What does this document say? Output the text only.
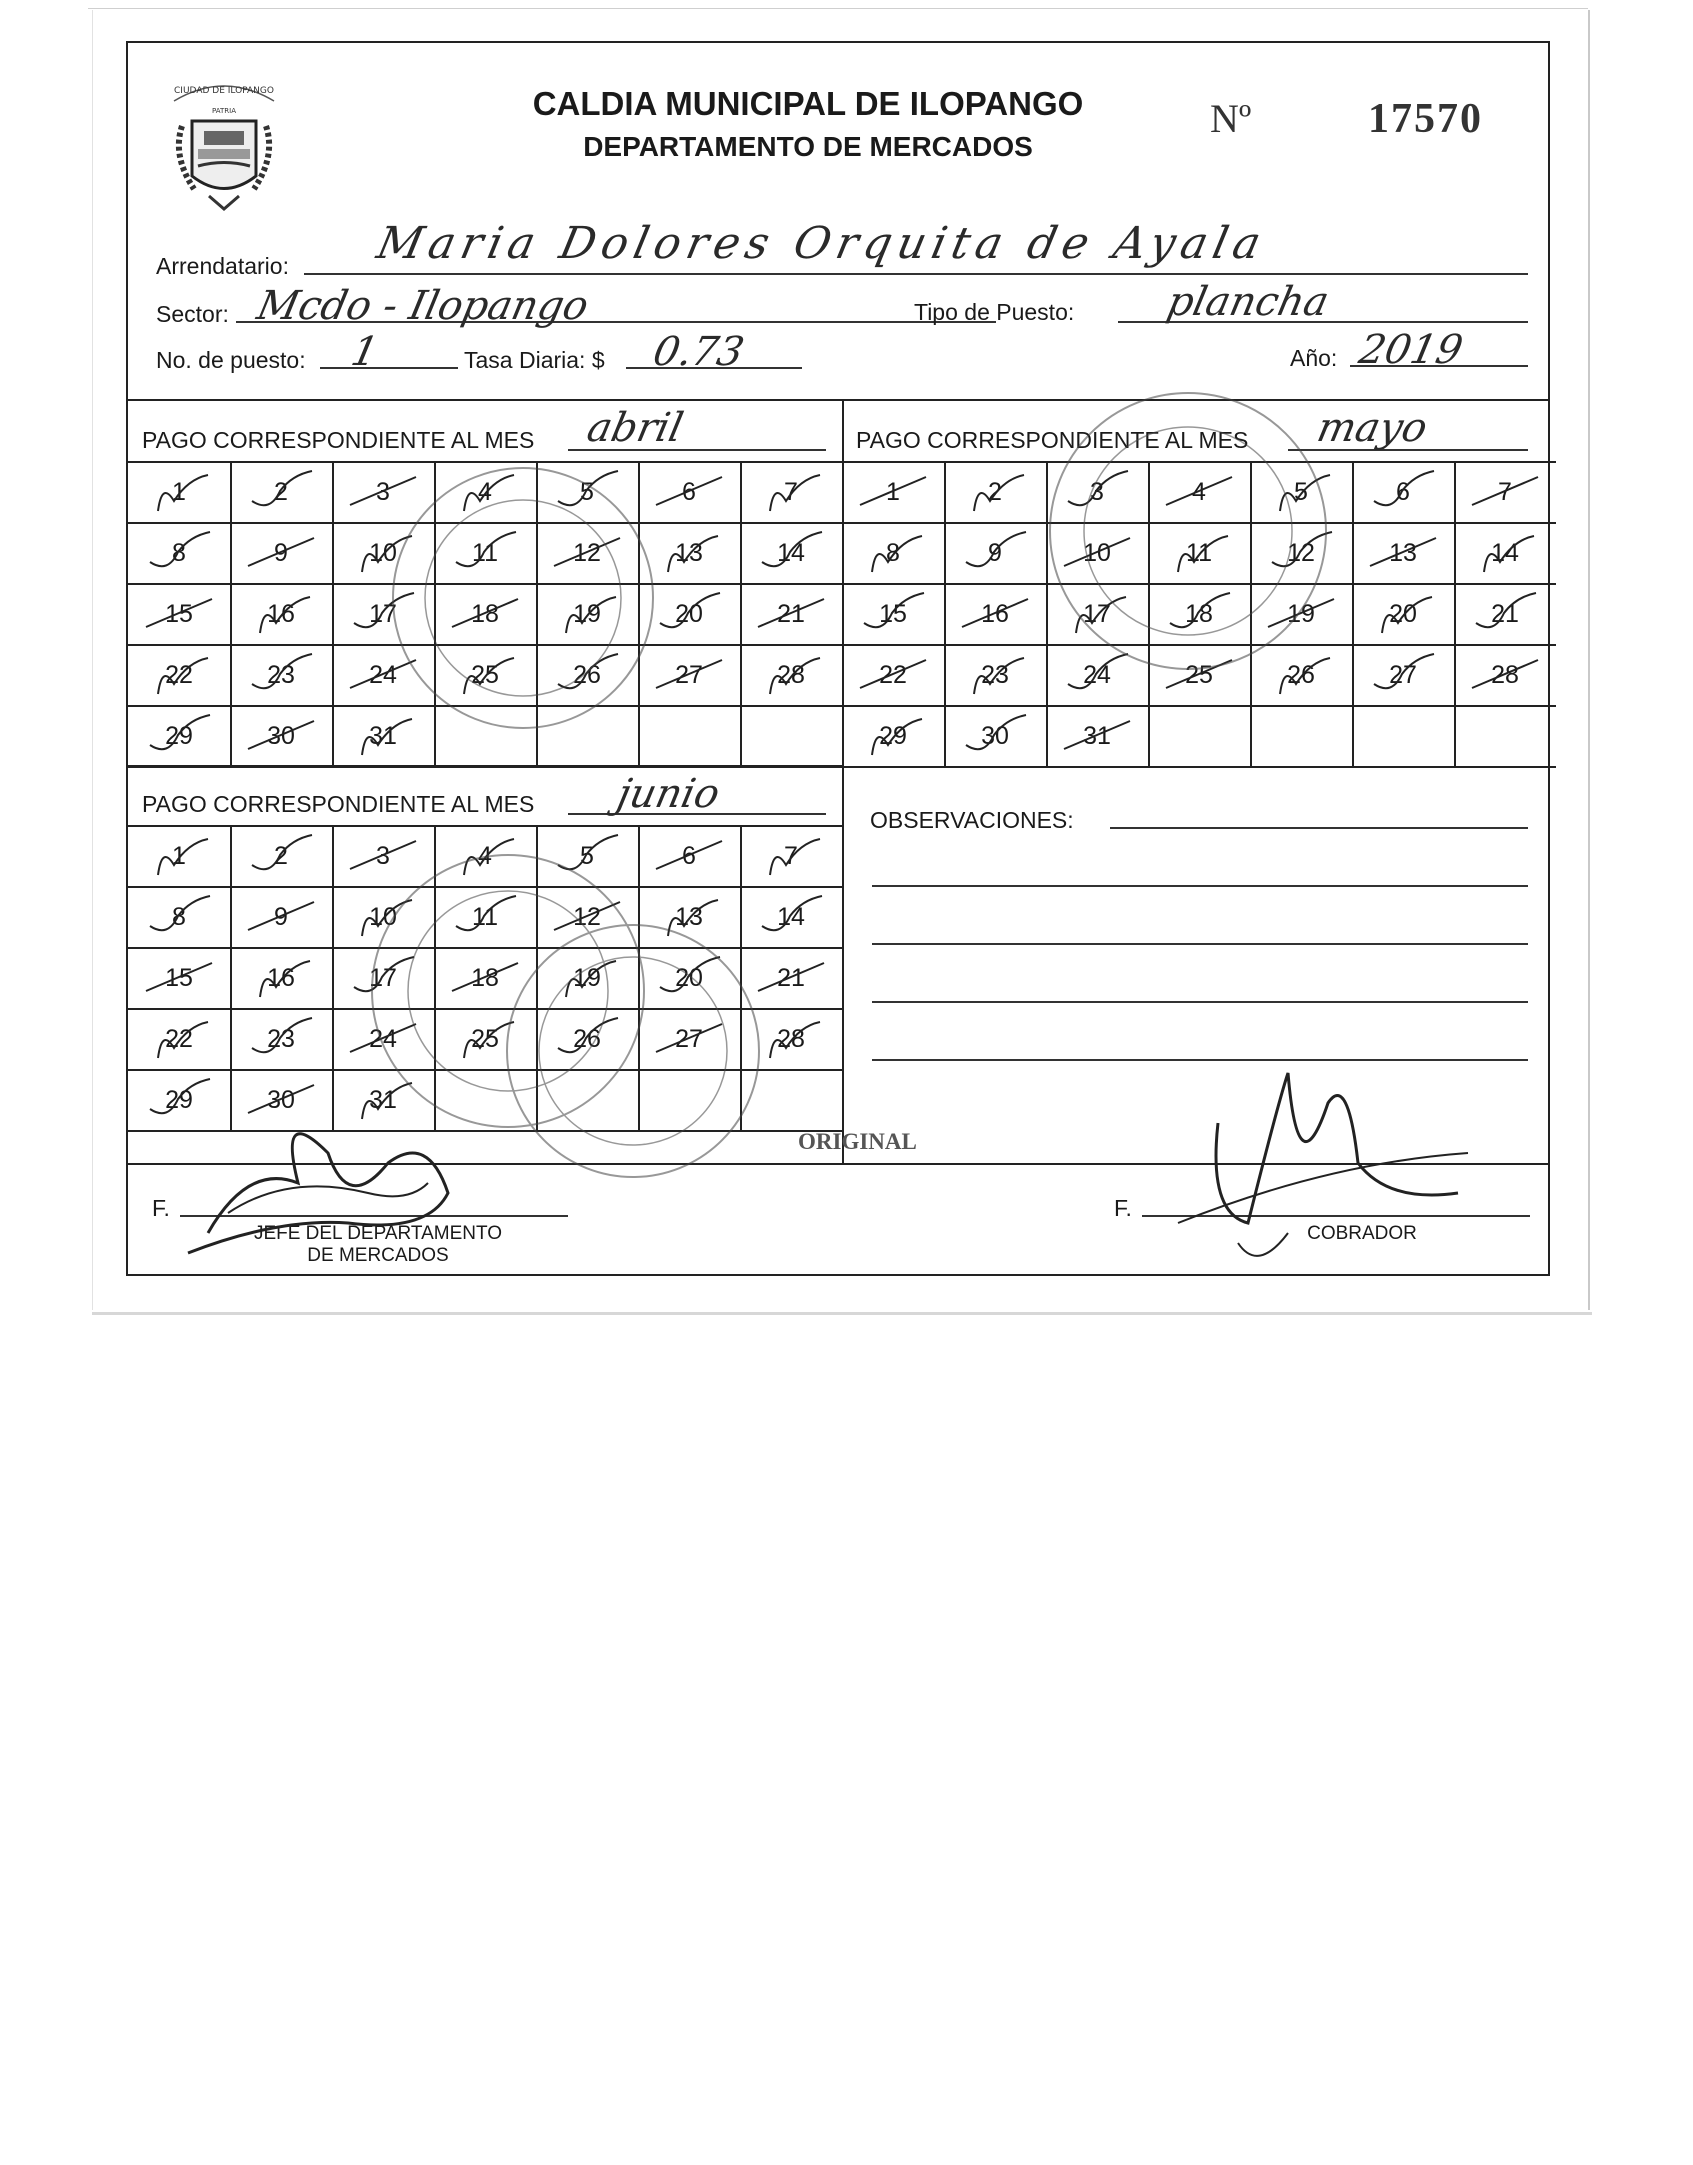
CIUDAD DE ILOPANGO
PATRIA	CALDIA MUNICIPAL DE ILOPANGO
DEPARTAMENTO DE MERCADOS
Nº	17570
Arrendatario: Maria Dolores Orquita de Ayala
Sector: Mcdo - Ilopango	Tipo de Puesto: plancha
No. de puesto: 1	Tasa Diaria: $ 0.73	Año: 2019
PAGO CORRESPONDIENTE AL MES abril	PAGO CORRESPONDIENTE AL MES mayo
PAGO CORRESPONDIENTE AL MES junio
OBSERVACIONES:
1	2	3	4	5	6	7
8	9	10	11	12	13	14
15	16	17	18	19	20	21
22	23	24	25	26	27	28
29	30	31
1	2	3	4	5	6	7
8	9	10	11	12	13	14
15	16	17	18	19	20	21
22	23	24	25	26	27	28
29	30	31
1	2	3	4	5	6	7
8	9	10	11	12	13	14
15	16	17	18	19	20	21
22	23	24	25	26	27	28
29	30	31
ORIGINAL
F.
JEFE DEL DEPARTAMENTO
DE MERCADOS
F.
COBRADOR
